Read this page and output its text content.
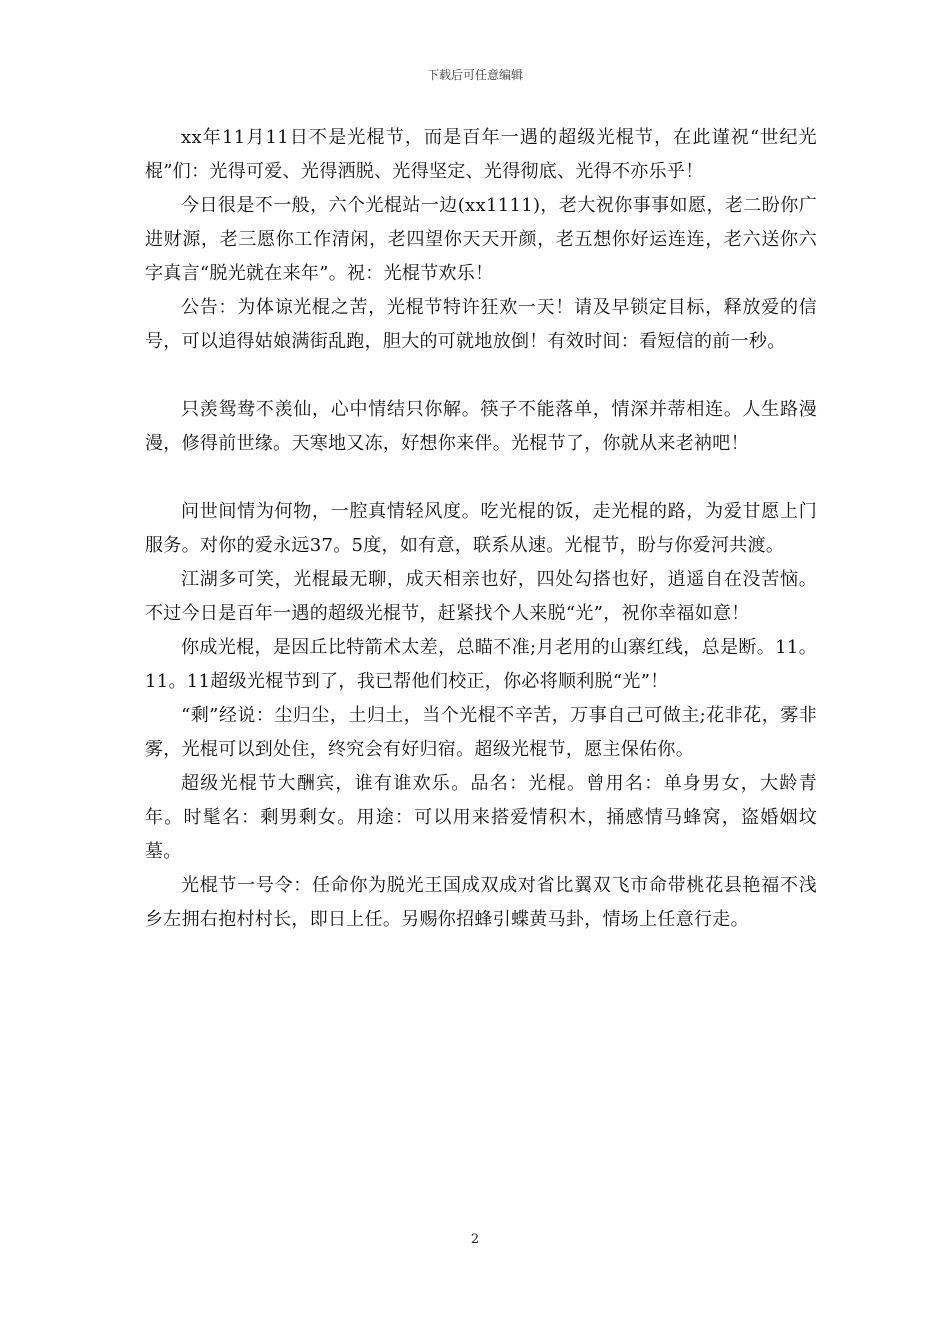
下载后可任意编辑

xx年11月11日不是光棍节，而是百年一遇的超级光棍节，在此谨祝“世纪光棍”们：光得可爱、光得洒脱、光得坚定、光得彻底、光得不亦乐乎！

今日很是不一般，六个光棍站一边(xx1111)，老大祝你事事如愿，老二盼你广进财源，老三愿你工作清闲，老四望你天天开颜，老五想你好运连连，老六送你六字真言“脱光就在来年”。祝：光棍节欢乐！

公告：为体谅光棍之苦，光棍节特许狂欢一天！请及早锁定目标，释放爱的信号，可以追得姑娘满街乱跑，胆大的可就地放倒！有效时间：看短信的前一秒。

只羡鸳鸯不羡仙，心中情结只你解。筷子不能落单，情深并蒂相连。人生路漫漫，修得前世缘。天寒地又冻，好想你来伴。光棍节了，你就从来老衲吧！

问世间情为何物，一腔真情轻风度。吃光棍的饭，走光棍的路，为爱甘愿上门服务。对你的爱永远37。5度，如有意，联系从速。光棍节，盼与你爱河共渡。

江湖多可笑，光棍最无聊，成天相亲也好，四处勾搭也好，逍遥自在没苦恼。不过今日是百年一遇的超级光棍节，赶紧找个人来脱“光”，祝你幸福如意！

你成光棍，是因丘比特箭术太差，总瞄不准;月老用的山寨红线，总是断。11。11。11超级光棍节到了，我已帮他们校正，你必将顺利脱“光”！

“剩”经说：尘归尘，土归土，当个光棍不辛苦，万事自己可做主;花非花，雾非雾，光棍可以到处住，终究会有好归宿。超级光棍节，愿主保佑你。

超级光棍节大酬宾，谁有谁欢乐。品名：光棍。曾用名：单身男女，大龄青年。时髦名：剩男剩女。用途：可以用来搭爱情积木，捅感情马蜂窝，盗婚姻坟墓。

光棍节一号令：任命你为脱光王国成双成对省比翼双飞市命带桃花县艳福不浅乡左拥右抱村村长，即日上任。另赐你招蜂引蝶黄马卦，情场上任意行走。

2
